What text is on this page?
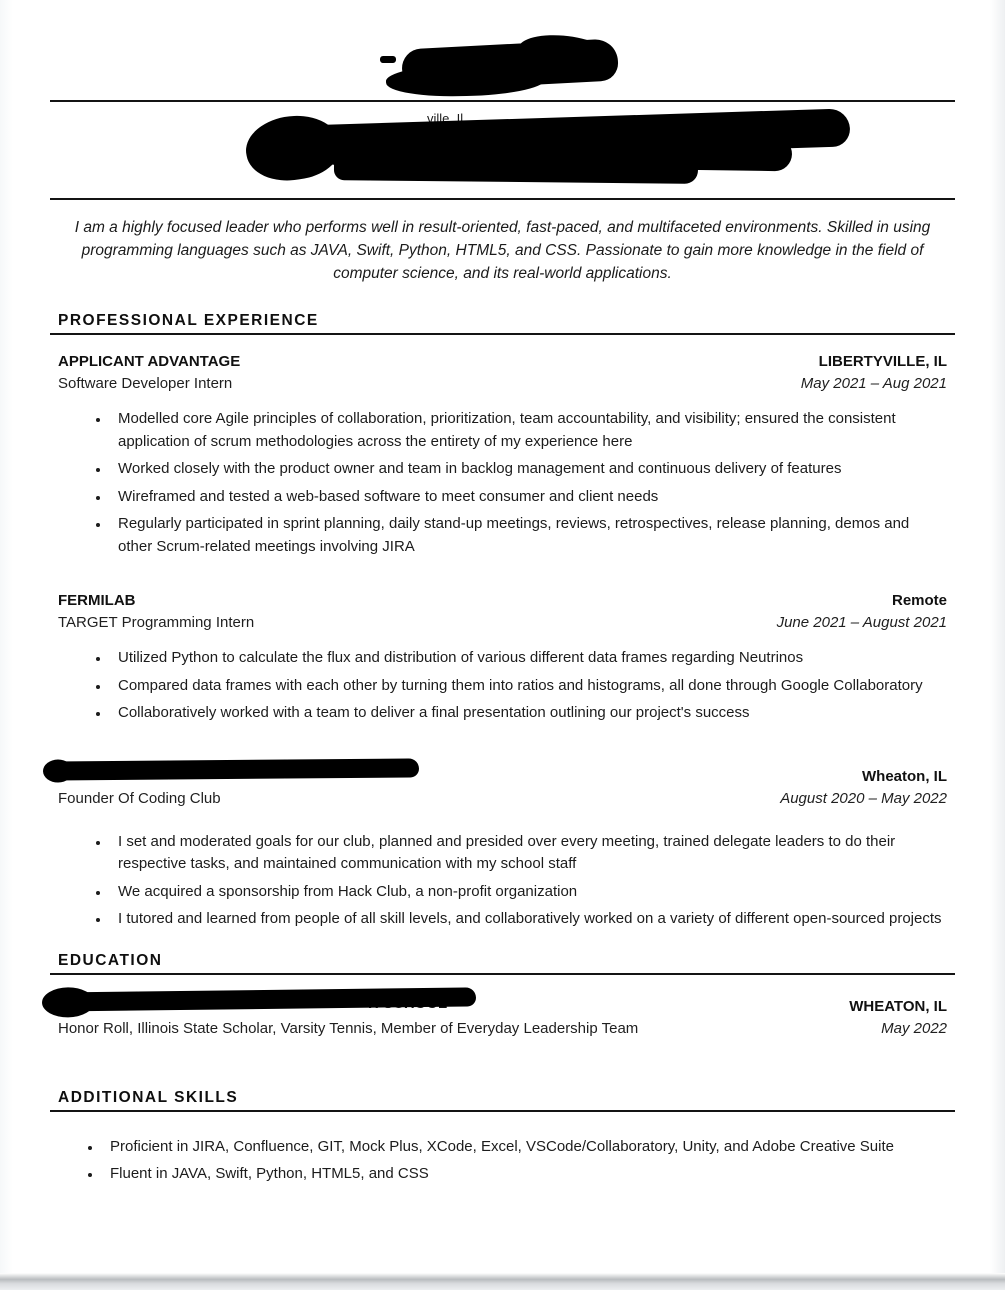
ville, Il

I am a highly focused leader who performs well in result-oriented, fast-paced, and multifaceted environments. Skilled in using programming languages such as JAVA, Swift, Python, HTML5, and CSS. Passionate to gain more knowledge in the field of computer science, and its real-world applications.

PROFESSIONAL EXPERIENCE
APPLICANT ADVANTAGE	LIBERTYVILLE, IL
Software Developer Intern	May 2021 – Aug 2021
• Modelled core Agile principles of collaboration, prioritization, team accountability, and visibility; ensured the consistent application of scrum methodologies across the entirety of my experience here
• Worked closely with the product owner and team in backlog management and continuous delivery of features
• Wireframed and tested a web-based software to meet consumer and client needs
• Regularly participated in sprint planning, daily stand-up meetings, reviews, retrospectives, release planning, demos and other Scrum-related meetings involving JIRA
FERMILAB	Remote
TARGET Programming Intern	June 2021 – August 2021
• Utilized Python to calculate the flux and distribution of various different data frames regarding Neutrinos
• Compared data frames with each other by turning them into ratios and histograms, all done through Google Collaboratory
• Collaboratively worked with a team to deliver a final presentation outlining our project's success
Wheaton, IL
Founder Of Coding Club	August 2020 – May 2022
• I set and moderated goals for our club, planned and presided over every meeting, trained delegate leaders to do their respective tasks, and maintained communication with my school staff
• We acquired a sponsorship from Hack Club, a non-profit organization
• I tutored and learned from people of all skill levels, and collaboratively worked on a variety of different open-sourced projects
EDUCATION
WHEATON, IL
Honor Roll, Illinois State Scholar, Varsity Tennis, Member of Everyday Leadership Team	May 2022
ADDITIONAL SKILLS
• Proficient in JIRA, Confluence, GIT, Mock Plus, XCode, Excel, VSCode/Collaboratory, Unity, and Adobe Creative Suite
• Fluent in JAVA, Swift, Python, HTML5, and CSS
